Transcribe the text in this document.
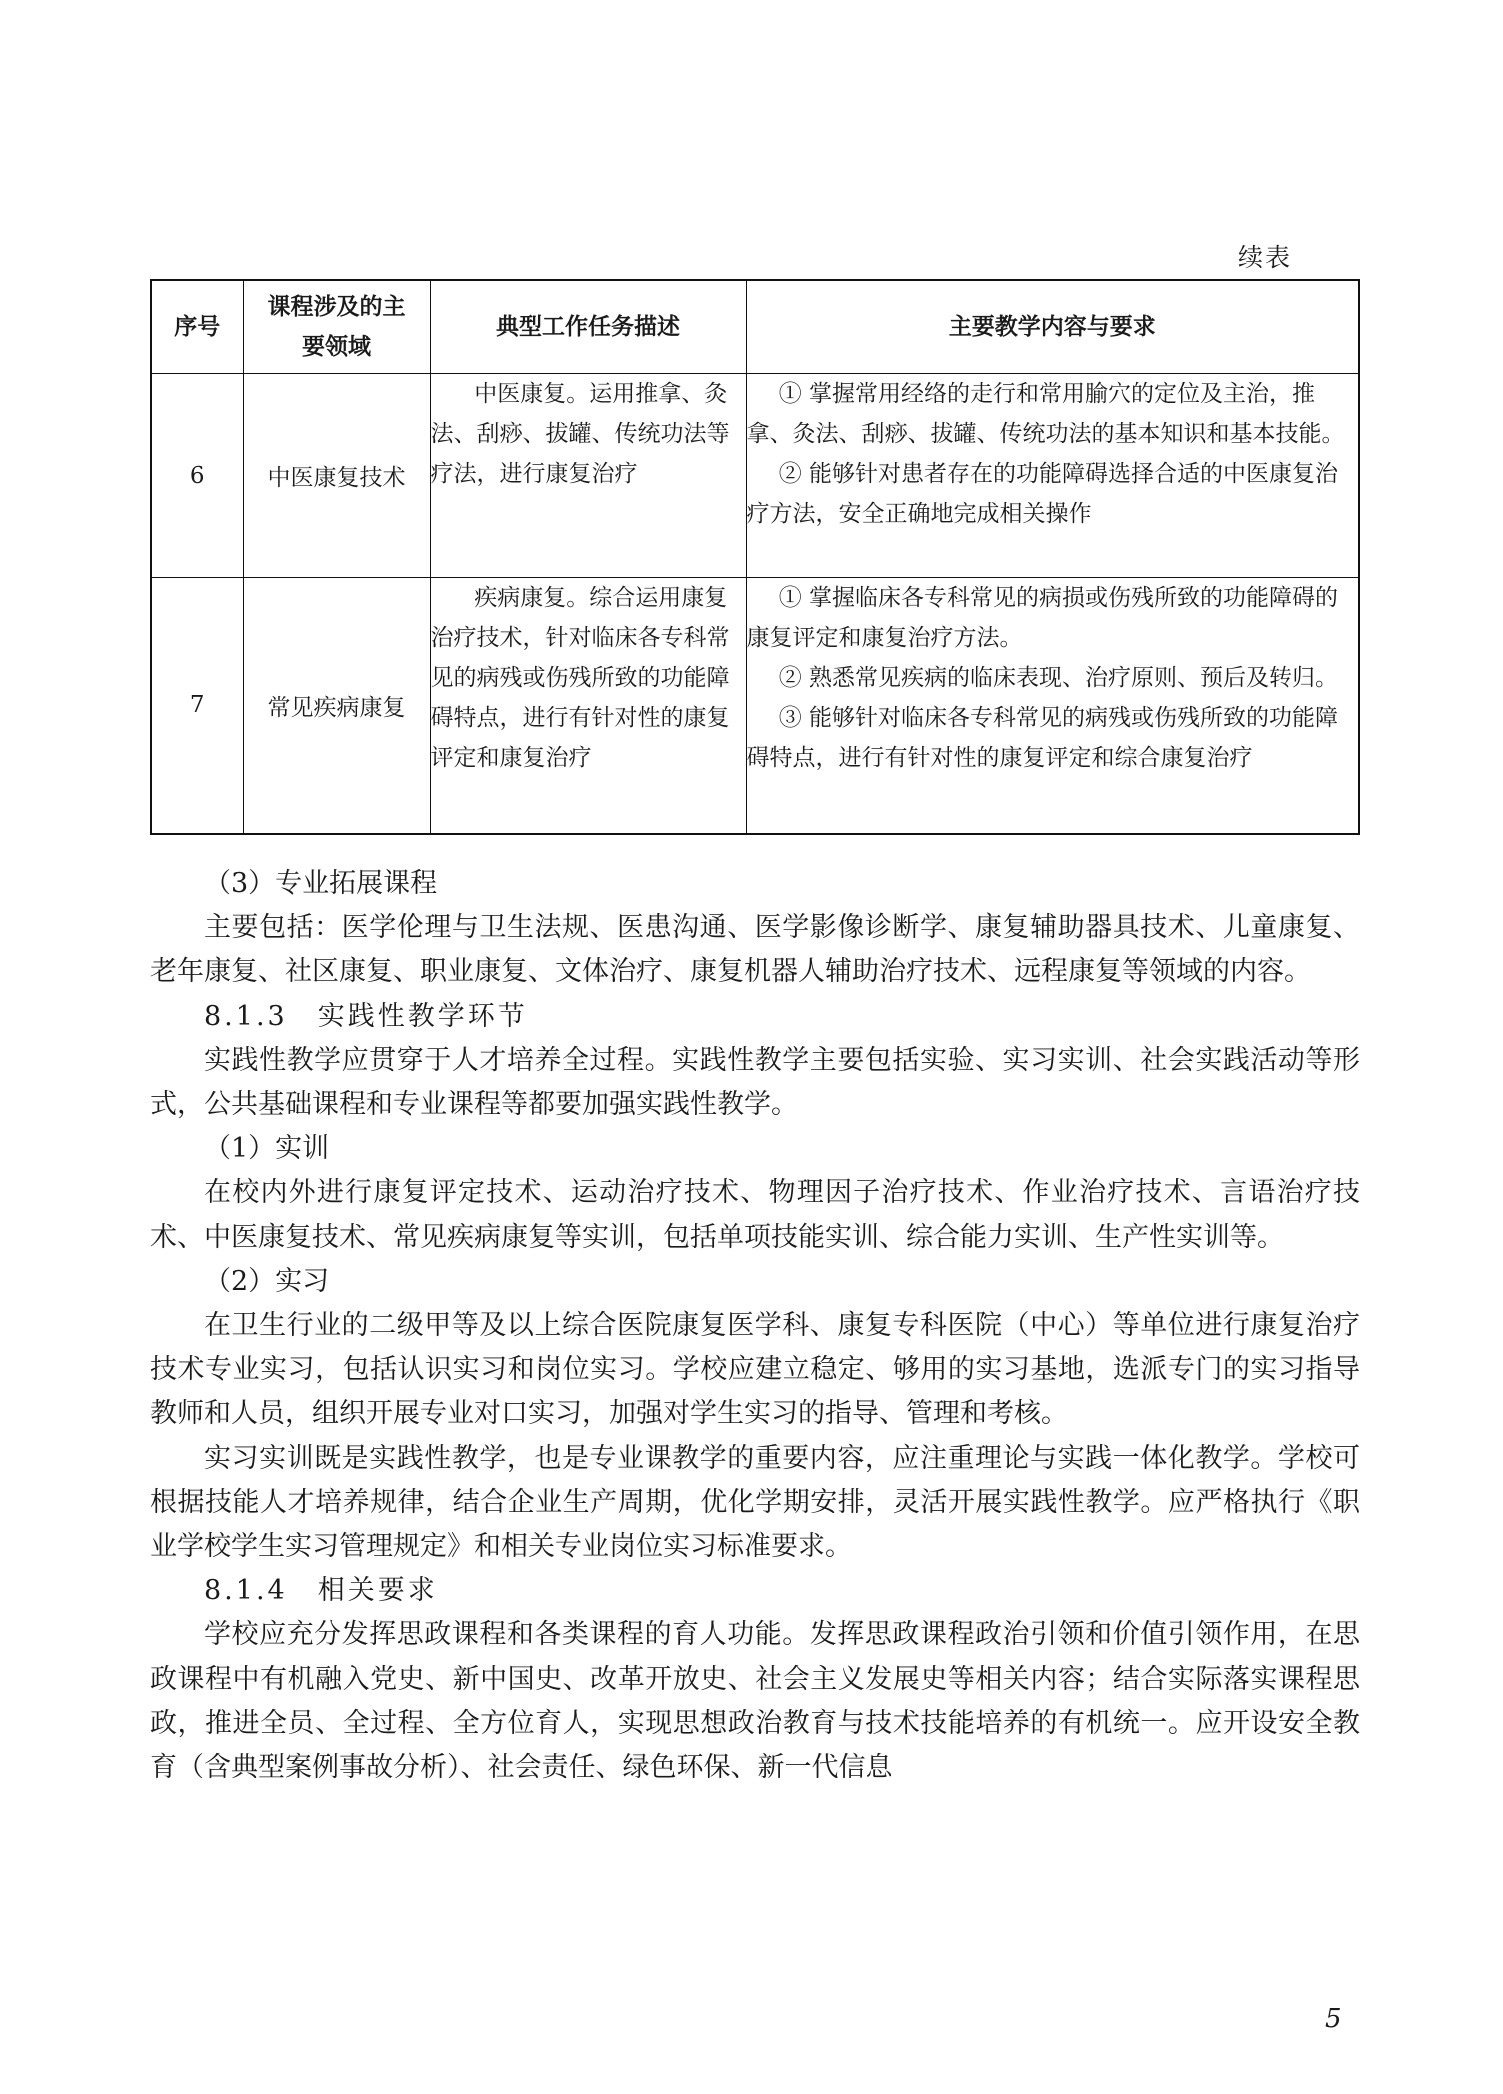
续表
序号	课程涉及的主要领域	典型工作任务描述	主要教学内容与要求
6	中医康复技术	中医康复。运用推拿、灸法、刮痧、拔罐、传统功法等疗法，进行康复治疗	① 掌握常用经络的走行和常用腧穴的定位及主治，推拿、灸法、刮痧、拔罐、传统功法的基本知识和基本技能。

② 能够针对患者存在的功能障碍选择合适的中医康复治疗方法，安全正确地完成相关操作

7	常见疾病康复	疾病康复。综合运用康复治疗技术，针对临床各专科常见的病残或伤残所致的功能障碍特点，进行有针对性的康复评定和康复治疗	① 掌握临床各专科常见的病损或伤残所致的功能障碍的康复评定和康复治疗方法。

② 熟悉常见疾病的临床表现、治疗原则、预后及转归。

③ 能够针对临床各专科常见的病残或伤残所致的功能障碍特点，进行有针对性的康复评定和综合康复治疗

（3）专业拓展课程

主要包括：医学伦理与卫生法规、医患沟通、医学影像诊断学、康复辅助器具技术、儿童康复、老年康复、社区康复、职业康复、文体治疗、康复机器人辅助治疗技术、远程康复等领域的内容。

8.1.3　实践性教学环节

实践性教学应贯穿于人才培养全过程。实践性教学主要包括实验、实习实训、社会实践活动等形式，公共基础课程和专业课程等都要加强实践性教学。

（1）实训

在校内外进行康复评定技术、运动治疗技术、物理因子治疗技术、作业治疗技术、言语治疗技术、中医康复技术、常见疾病康复等实训，包括单项技能实训、综合能力实训、生产性实训等。

（2）实习

在卫生行业的二级甲等及以上综合医院康复医学科、康复专科医院（中心）等单位进行康复治疗技术专业实习，包括认识实习和岗位实习。学校应建立稳定、够用的实习基地，选派专门的实习指导教师和人员，组织开展专业对口实习，加强对学生实习的指导、管理和考核。

实习实训既是实践性教学，也是专业课教学的重要内容，应注重理论与实践一体化教学。学校可根据技能人才培养规律，结合企业生产周期，优化学期安排，灵活开展实践性教学。应严格执行《职业学校学生实习管理规定》和相关专业岗位实习标准要求。

8.1.4　相关要求

学校应充分发挥思政课程和各类课程的育人功能。发挥思政课程政治引领和价值引领作用，在思政课程中有机融入党史、新中国史、改革开放史、社会主义发展史等相关内容；结合实际落实课程思政，推进全员、全过程、全方位育人，实现思想政治教育与技术技能培养的有机统一。应开设安全教育（含典型案例事故分析）、社会责任、绿色环保、新一代信息

5
